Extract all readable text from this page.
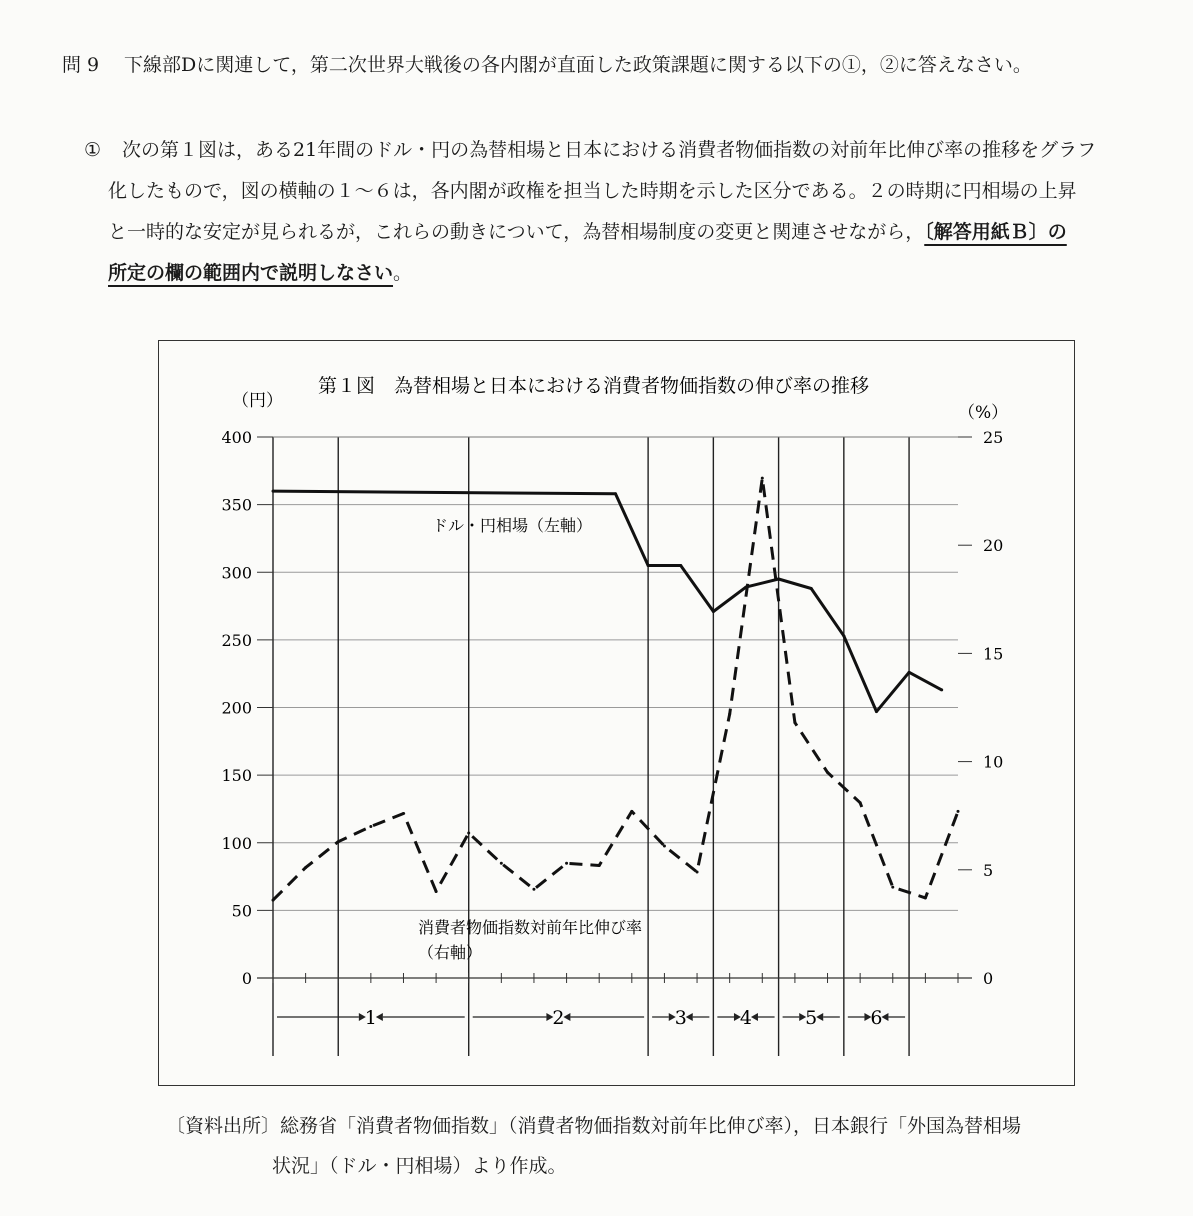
問 9 下線部Dに関連して，第二次世界大戦後の各内閣が直面した政策課題に関する以下の①，②に答えなさい。
① 次の第１図は，ある21年間のドル・円の為替相場と日本における消費者物価指数の対前年比伸び率の推移をグラフ
化したもので，図の横軸の１～６は，各内閣が政権を担当した時期を示した区分である。２の時期に円相場の上昇
と一時的な安定が見られるが，これらの動きについて，為替相場制度の変更と関連させながら，〔解答用紙Ｂ〕の
所定の欄の範囲内で説明しなさい。
第１図　為替相場と日本における消費者物価指数の伸び率の推移
（円）
（%）
0
50
100
150
200
250
300
350
400
0
5
10
15
20
25
1	2	3	4	5	6
ドル・円相場（左軸）
消費者物価指数対前年比伸び率
（右軸）
〔資料出所〕総務省「消費者物価指数」（消費者物価指数対前年比伸び率），日本銀行「外国為替相場
状況」（ドル・円相場）より作成。
